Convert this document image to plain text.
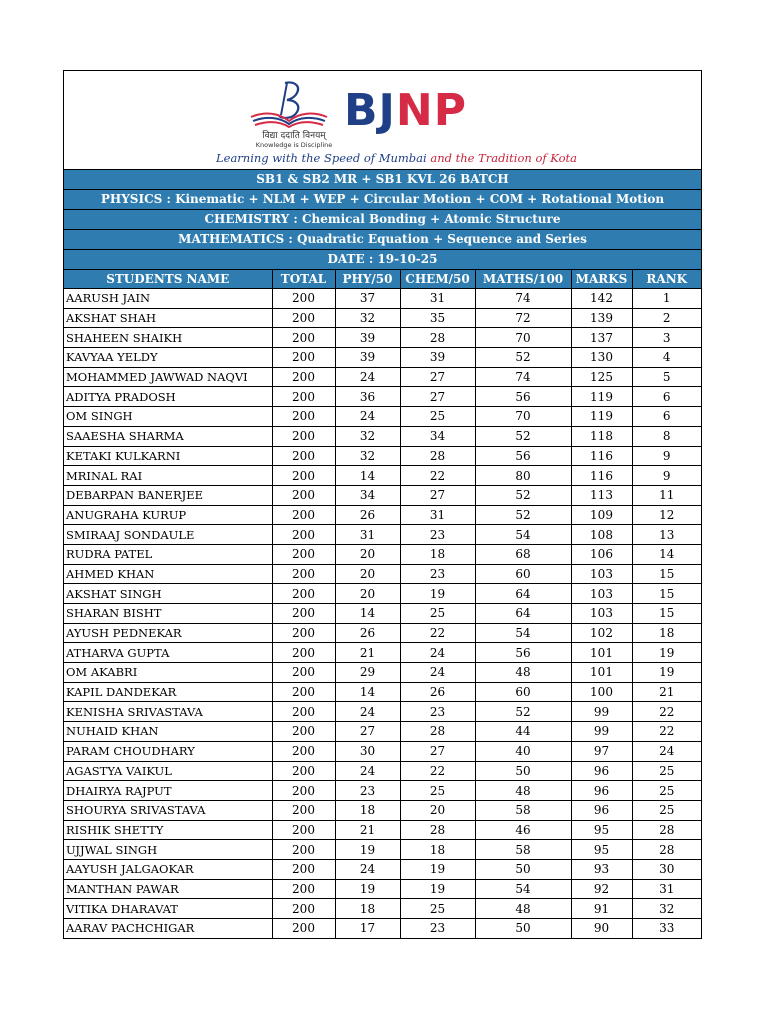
BJNP
विद्या ददाति विनयम्
Knowledge is Discipline
Learning with the Speed of Mumbai and the Tradition of Kota
SB1 & SB2 MR + SB1 KVL 26 BATCH
PHYSICS : Kinematic + NLM + WEP + Circular Motion + COM + Rotational Motion
CHEMISTRY : Chemical Bonding + Atomic Structure
MATHEMATICS : Quadratic Equation + Sequence and Series
DATE : 19-10-25
STUDENTS NAME	TOTAL	PHY/50	CHEM/50	MATHS/100	MARKS	RANK
AARUSH JAIN	200	37	31	74	142	1
AKSHAT SHAH	200	32	35	72	139	2
SHAHEEN SHAIKH	200	39	28	70	137	3
KAVYAA YELDY	200	39	39	52	130	4
MOHAMMED JAWWAD NAQVI	200	24	27	74	125	5
ADITYA PRADOSH	200	36	27	56	119	6
OM SINGH	200	24	25	70	119	6
SAAESHA SHARMA	200	32	34	52	118	8
KETAKI KULKARNI	200	32	28	56	116	9
MRINAL RAI	200	14	22	80	116	9
DEBARPAN BANERJEE	200	34	27	52	113	11
ANUGRAHA KURUP	200	26	31	52	109	12
SMIRAAJ SONDAULE	200	31	23	54	108	13
RUDRA PATEL	200	20	18	68	106	14
AHMED KHAN	200	20	23	60	103	15
AKSHAT SINGH	200	20	19	64	103	15
SHARAN BISHT	200	14	25	64	103	15
AYUSH PEDNEKAR	200	26	22	54	102	18
ATHARVA GUPTA	200	21	24	56	101	19
OM AKABRI	200	29	24	48	101	19
KAPIL DANDEKAR	200	14	26	60	100	21
KENISHA SRIVASTAVA	200	24	23	52	99	22
NUHAID KHAN	200	27	28	44	99	22
PARAM CHOUDHARY	200	30	27	40	97	24
AGASTYA VAIKUL	200	24	22	50	96	25
DHAIRYA RAJPUT	200	23	25	48	96	25
SHOURYA SRIVASTAVA	200	18	20	58	96	25
RISHIK SHETTY	200	21	28	46	95	28
UJJWAL SINGH	200	19	18	58	95	28
AAYUSH JALGAOKAR	200	24	19	50	93	30
MANTHAN PAWAR	200	19	19	54	92	31
VITIKA DHARAVAT	200	18	25	48	91	32
AARAV PACHCHIGAR	200	17	23	50	90	33
